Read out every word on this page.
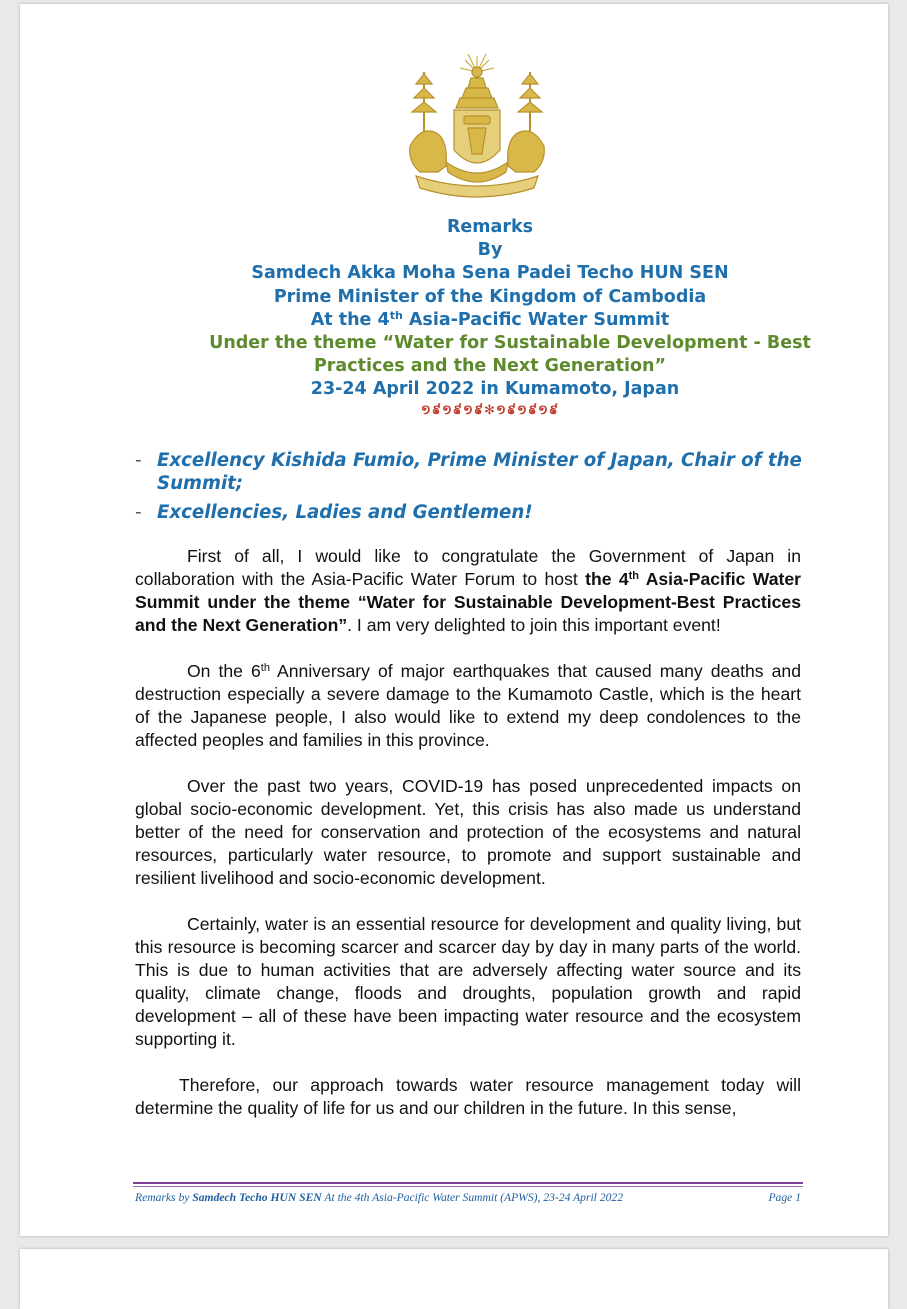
Remarks
By
Samdech Akka Moha Sena Padei Techo HUN SEN
Prime Minister of the Kingdom of Cambodia
At the 4th Asia-Pacific Water Summit
Under the theme “Water for Sustainable Development - Best
Practices and the Next Generation”
23-24 April 2022 in Kumamoto, Japan
១៩១៩១៩✻១៩១៩១៩
- Excellency Kishida Fumio, Prime Minister of Japan, Chair of the Summit;
- Excellencies, Ladies and Gentlemen!

First of all, I would like to congratulate the Government of Japan in collaboration with the Asia-Pacific Water Forum to host the 4th Asia-Pacific Water Summit under the theme “Water for Sustainable Development-Best Practices and the Next Generation”. I am very delighted to join this important event!

On the 6th Anniversary of major earthquakes that caused many deaths and destruction especially a severe damage to the Kumamoto Castle, which is the heart of the Japanese people, I also would like to extend my deep condolences to the affected peoples and families in this province.

Over the past two years, COVID-19 has posed unprecedented impacts on global socio-economic development. Yet, this crisis has also made us understand better of the need for conservation and protection of the ecosystems and natural resources, particularly water resource, to promote and support sustainable and resilient livelihood and socio-economic development.

Certainly, water is an essential resource for development and quality living, but this resource is becoming scarcer and scarcer day by day in many parts of the world. This is due to human activities that are adversely affecting water source and its quality, climate change, floods and droughts, population growth and rapid development – all of these have been impacting water resource and the ecosystem supporting it.

Therefore, our approach towards water resource management today will determine the quality of life for us and our children in the future. In this sense,

Remarks by Samdech Techo HUN SEN At the 4th Asia-Pacific Water Summit (APWS), 23-24 April 2022	Page 1
